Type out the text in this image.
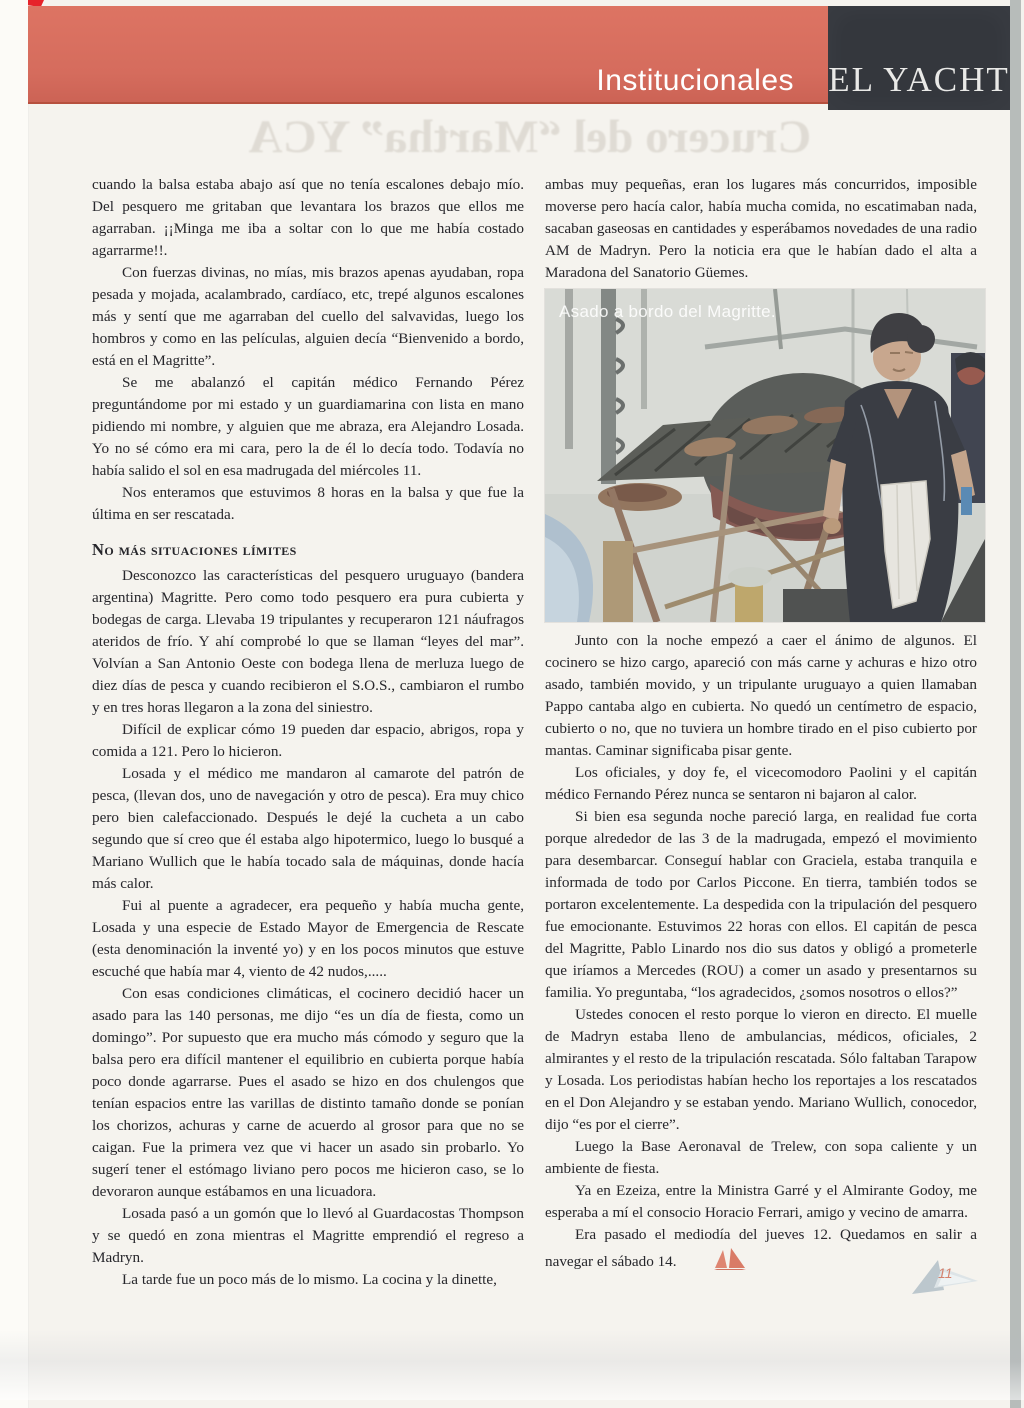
Institucionales EL YACHT
Crucero del “Martha” YCA

cuando la balsa estaba abajo así que no tenía escalones debajo mío. Del pesquero me gritaban que levantara los brazos que ellos me agarraban. ¡¡Minga me iba a soltar con lo que me había costado agarrarme!!.

Con fuerzas divinas, no mías, mis brazos apenas ayudaban, ropa pesada y mojada, acalambrado, cardíaco, etc, trepé algunos escalones más y sentí que me agarraban del cuello del salvavidas, luego los hombros y como en las películas, alguien decía “Bienvenido a bordo, está en el Magritte”.

Se me abalanzó el capitán médico Fernando Pérez preguntándome por mi estado y un guardiamarina con lista en mano pidiendo mi nombre, y alguien que me abraza, era Alejandro Losada. Yo no sé cómo era mi cara, pero la de él lo decía todo. Todavía no había salido el sol en esa madrugada del miércoles 11.

Nos enteramos que estuvimos 8 horas en la balsa y que fue la última en ser rescatada.

No más situaciones límites

Desconozco las características del pesquero uruguayo (bandera argentina) Magritte. Pero como todo pesquero era pura cubierta y bodegas de carga. Llevaba 19 tripulantes y recuperaron 121 náufragos ateridos de frío. Y ahí comprobé lo que se llaman “leyes del mar”. Volvían a San Antonio Oeste con bodega llena de merluza luego de diez días de pesca y cuando recibieron el S.O.S., cambiaron el rumbo y en tres horas llegaron a la zona del siniestro.

Difícil de explicar cómo 19 pueden dar espacio, abrigos, ropa y comida a 121. Pero lo hicieron.

Losada y el médico me mandaron al camarote del patrón de pesca, (llevan dos, uno de navegación y otro de pesca). Era muy chico pero bien calefaccionado. Después le dejé la cucheta a un cabo segundo que sí creo que él estaba algo hipotermico, luego lo busqué a Mariano Wullich que le había tocado sala de máquinas, donde hacía más calor.

Fui al puente a agradecer, era pequeño y había mucha gente, Losada y una especie de Estado Mayor de Emergencia de Rescate (esta denominación la inventé yo) y en los pocos minutos que estuve escuché que había mar 4, viento de 42 nudos,.....

Con esas condiciones climáticas, el cocinero decidió hacer un asado para las 140 personas, me dijo “es un día de fiesta, como un domingo”. Por supuesto que era mucho más cómodo y seguro que la balsa pero era difícil mantener el equilibrio en cubierta porque había poco donde agarrarse. Pues el asado se hizo en dos chulengos que tenían espacios entre las varillas de distinto tamaño donde se ponían los chorizos, achuras y carne de acuerdo al grosor para que no se caigan. Fue la primera vez que vi hacer un asado sin probarlo. Yo sugerí tener el estómago liviano pero pocos me hicieron caso, se lo devoraron aunque estábamos en una licuadora.

Losada pasó a un gomón que lo llevó al Guardacostas Thompson y se quedó en zona mientras el Magritte emprendió el regreso a Madryn.

La tarde fue un poco más de lo mismo. La cocina y la dinette,

ambas muy pequeñas, eran los lugares más concurridos, imposible moverse pero hacía calor, había mucha comida, no escatimaban nada, sacaban gaseosas en cantidades y esperábamos novedades de una radio AM de Madryn. Pero la noticia era que le habían dado el alta a Maradona del Sanatorio Güemes.

Asado a bordo del Magritte.

Junto con la noche empezó a caer el ánimo de algunos. El cocinero se hizo cargo, apareció con más carne y achuras e hizo otro asado, también movido, y un tripulante uruguayo a quien llamaban Pappo cantaba algo en cubierta. No quedó un centímetro de espacio, cubierto o no, que no tuviera un hombre tirado en el piso cubierto por mantas. Caminar significaba pisar gente.

Los oficiales, y doy fe, el vicecomodoro Paolini y el capitán médico Fernando Pérez nunca se sentaron ni bajaron al calor.

Si bien esa segunda noche pareció larga, en realidad fue corta porque alrededor de las 3 de la madrugada, empezó el movimiento para desembarcar. Conseguí hablar con Graciela, estaba tranquila e informada de todo por Carlos Piccone. En tierra, también todos se portaron excelentemente. La despedida con la tripulación del pesquero fue emocionante. Estuvimos 22 horas con ellos. El capitán de pesca del Magritte, Pablo Linardo nos dio sus datos y obligó a prometerle que iríamos a Mercedes (ROU) a comer un asado y presentarnos su familia. Yo preguntaba, “los agradecidos, ¿somos nosotros o ellos?”

Ustedes conocen el resto porque lo vieron en directo. El muelle de Madryn estaba lleno de ambulancias, médicos, oficiales, 2 almirantes y el resto de la tripulación rescatada. Sólo faltaban Tarapow y Losada. Los periodistas habían hecho los reportajes a los rescatados en el Don Alejandro y se estaban yendo. Mariano Wullich, conocedor, dijo “es por el cierre”.

Luego la Base Aeronaval de Trelew, con sopa caliente y un ambiente de fiesta.

Ya en Ezeiza, entre la Ministra Garré y el Almirante Godoy, me esperaba a mí el consocio Horacio Ferrari, amigo y vecino de amarra.

Era pasado el mediodía del jueves 12. Quedamos en salir a navegar el sábado 14.

11
